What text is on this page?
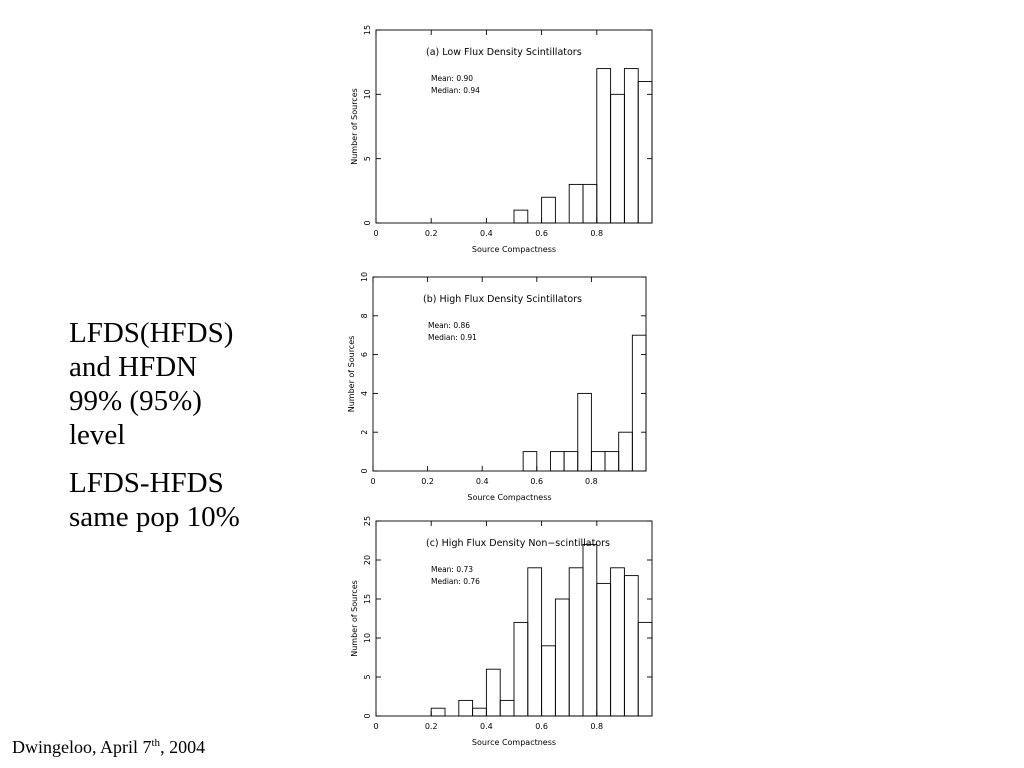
LFDS(HFDS)
and HFDN
99% (95%)
level

LFDS-HFDS
same pop 10%

0	0.2	0.4	0.6	0.8
0
5
10
15
Source Compactness
Number of Sources
(a) Low Flux Density Scintillators
Mean: 0.90
Median: 0.94
0	0.2	0.4	0.6	0.8
0
2
4
6
8
10
Source Compactness
Number of Sources
(b) High Flux Density Scintillators
Mean: 0.86
Median: 0.91
0	0.2	0.4	0.6	0.8
0
5
10
15
20
25
Source Compactness
Number of Sources
(c) High Flux Density Non−scintillators
Mean: 0.73
Median: 0.76
Dwingeloo, April 7th, 2004
